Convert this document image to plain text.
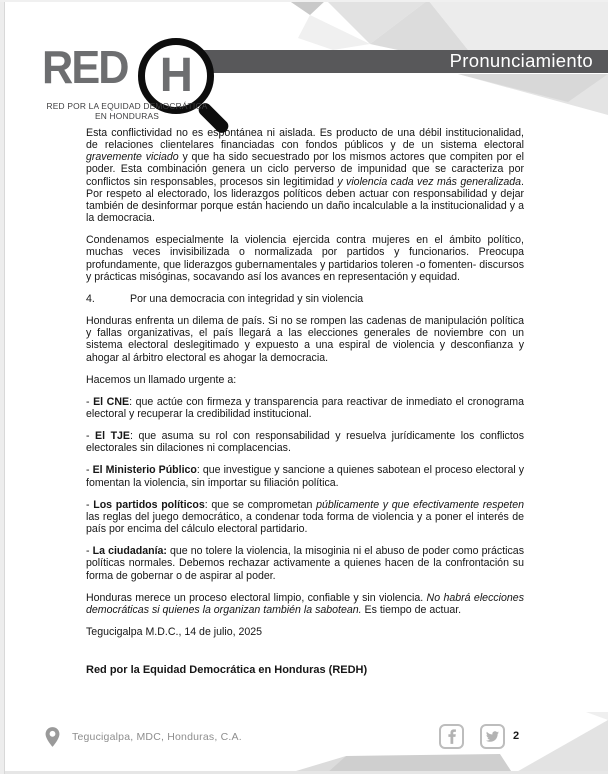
Pronunciamiento
RED H
RED POR LA EQUIDAD DEMOCRÁTICA
EN HONDURAS

Esta conflictividad no es espontánea ni aislada. Es producto de una débil institucionalidad, de relaciones clientelares financiadas con fondos públicos y de un sistema electoral gravemente viciado y que ha sido secuestrado por los mismos actores que compiten por el poder. Esta combinación genera un ciclo perverso de impunidad que se caracteriza por conflictos sin responsables, procesos sin legitimidad y violencia cada vez más generalizada. Por respeto al electorado, los liderazgos políticos deben actuar con responsabilidad y dejar también de desinformar porque están haciendo un daño incalculable a la institucionalidad y a la democracia.

Condenamos especialmente la violencia ejercida contra mujeres en el ámbito político, muchas veces invisibilizada o normalizada por partidos y funcionarios. Preocupa profundamente, que liderazgos gubernamentales y partidarios toleren -o fomenten- discursos y prácticas misóginas, socavando así los avances en representación y equidad.

4.	Por una democracia con integridad y sin violencia

Honduras enfrenta un dilema de país. Si no se rompen las cadenas de manipulación política y fallas organizativas, el país llegará a las elecciones generales de noviembre con un sistema electoral deslegitimado y expuesto a una espiral de violencia y desconfianza y ahogar al árbitro electoral es ahogar la democracia.

Hacemos un llamado urgente a:

- El CNE: que actúe con firmeza y transparencia para reactivar de inmediato el cronograma electoral y recuperar la credibilidad institucional.

- El TJE: que asuma su rol con responsabilidad y resuelva jurídicamente los conflictos electorales sin dilaciones ni complacencias.

- El Ministerio Público: que investigue y sancione a quienes sabotean el proceso electoral y fomentan la violencia, sin importar su filiación política.

- Los partidos políticos: que se comprometan públicamente y que efectivamente respeten las reglas del juego democrático, a condenar toda forma de violencia y a poner el interés de país por encima del cálculo electoral partidario.

- La ciudadanía: que no tolere la violencia, la misoginia ni el abuso de poder como prácticas políticas normales. Debemos rechazar activamente a quienes hacen de la confrontación su forma de gobernar o de aspirar al poder.

Honduras merece un proceso electoral limpio, confiable y sin violencia. No habrá elecciones democráticas si quienes la organizan también la sabotean. Es tiempo de actuar.

Tegucigalpa M.D.C., 14 de julio, 2025

Red por la Equidad Democrática en Honduras (REDH)

Tegucigalpa, MDC, Honduras, C.A.	2
